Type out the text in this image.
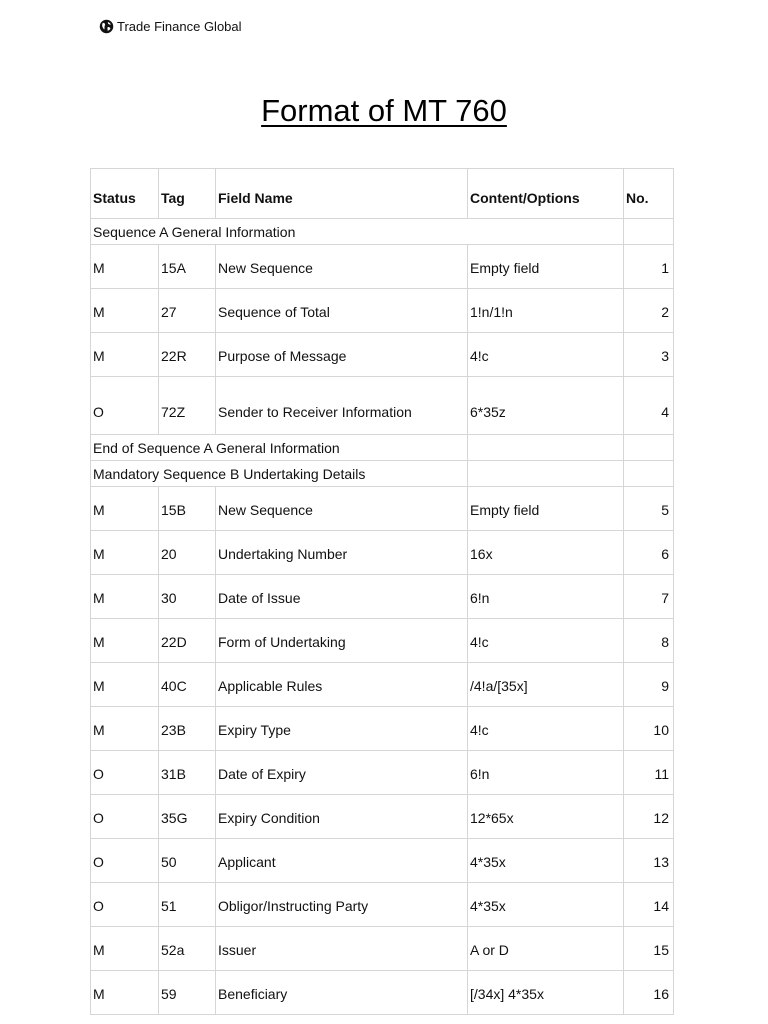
Trade Finance Global
Format of MT 760
Status	Tag	Field Name	Content/Options	No.
Sequence A General Information				
M	15A	New Sequence	Empty field	1
M	27	Sequence of Total	1!n/1!n	2
M	22R	Purpose of Message	4!c	3
O	72Z	Sender to Receiver Information	6*35z	4
End of Sequence A General Information				
Mandatory Sequence B Undertaking Details				
M	15B	New Sequence	Empty field	5
M	20	Undertaking Number	16x	6
M	30	Date of Issue	6!n	7
M	22D	Form of Undertaking	4!c	8
M	40C	Applicable Rules	/4!a/[35x]	9
M	23B	Expiry Type	4!c	10
O	31B	Date of Expiry	6!n	11
O	35G	Expiry Condition	12*65x	12
O	50	Applicant	4*35x	13
O	51	Obligor/Instructing Party	4*35x	14
M	52a	Issuer	A or D	15
M	59	Beneficiary	[/34x] 4*35x	16
